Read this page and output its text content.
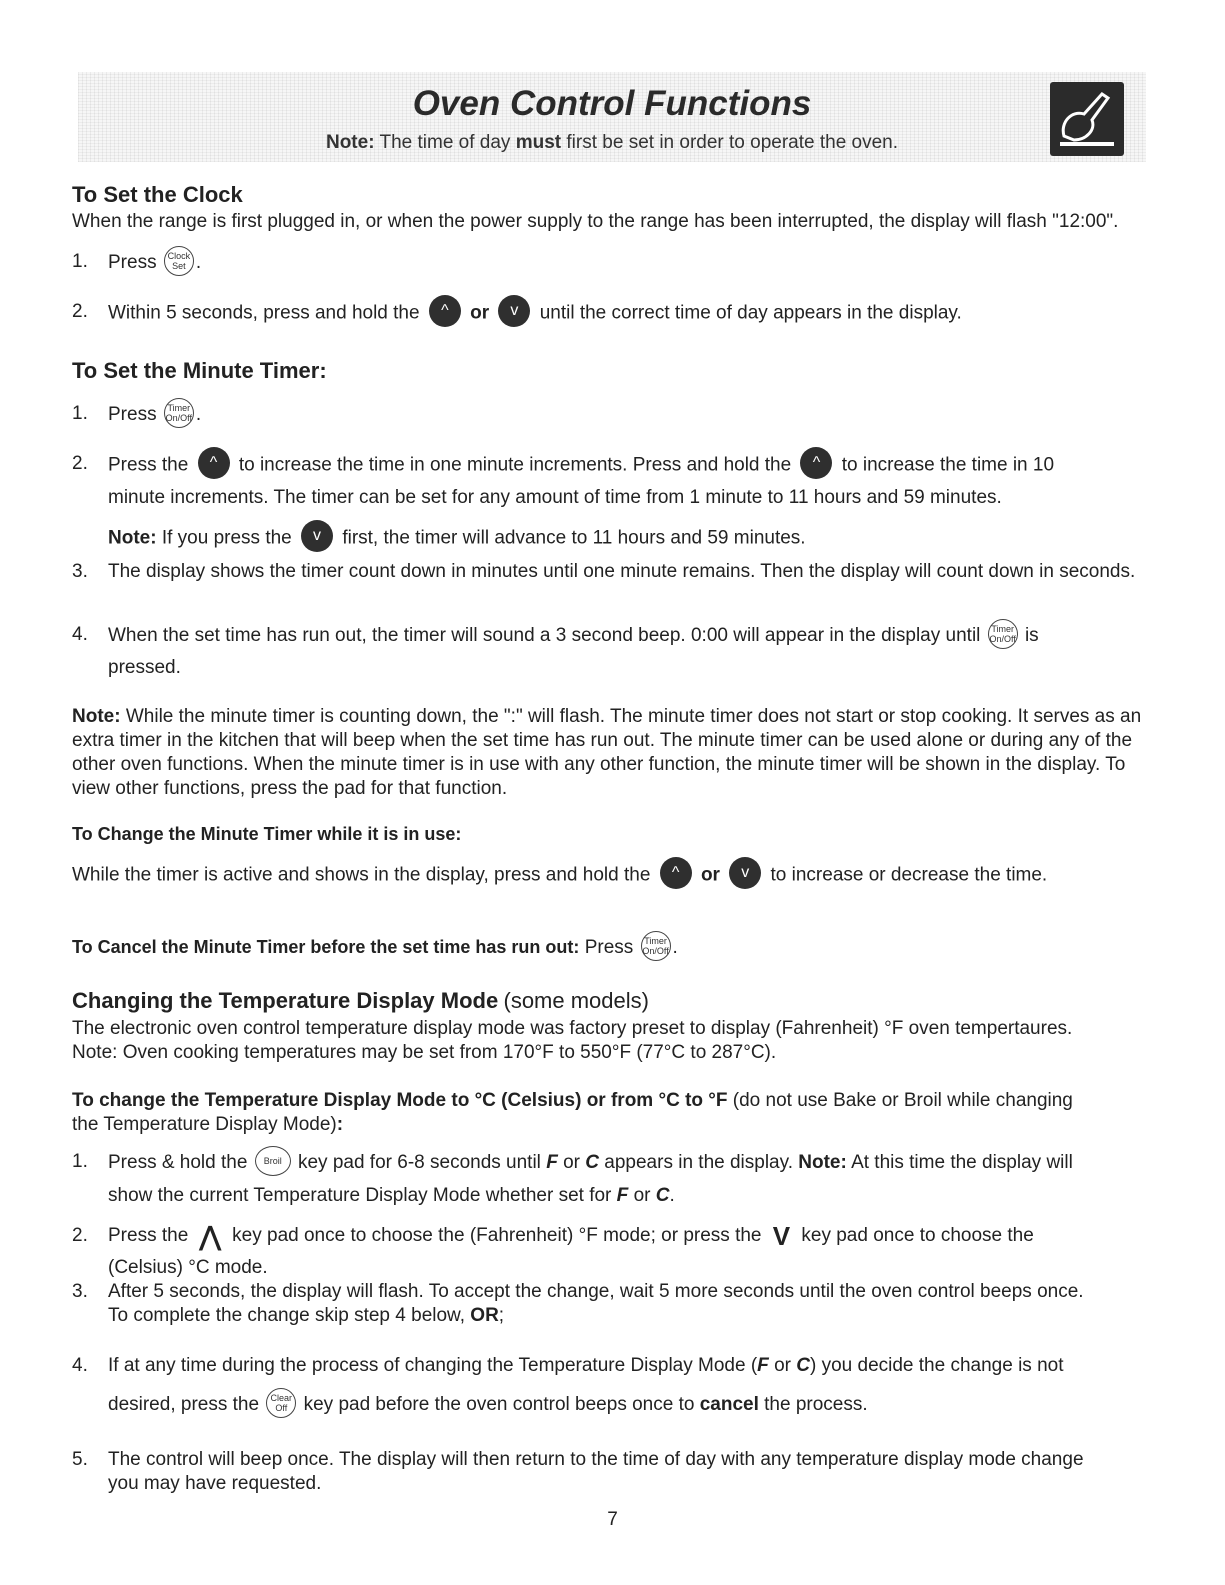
Oven Control Functions
Note: The time of day must first be set in order to operate the oven.
To Set the Clock
When the range is first plugged in, or when the power supply to the range has been interrupted, the display will flash "12:00".
1. Press Clock
Set .
2. Within 5 seconds, press and hold the ^ or v until the correct time of day appears in the display.
To Set the Minute Timer:
1. Press Timer
On/Off .
2. Press the ^ to increase the time in one minute increments. Press and hold the ^ to increase the time in 10
minute increments. The timer can be set for any amount of time from 1 minute to 11 hours and 59 minutes.
Note: If you press the v first, the timer will advance to 11 hours and 59 minutes.
3. The display shows the timer count down in minutes until one minute remains. Then the display will count down in seconds.
4. When the set time has run out, the timer will sound a 3 second beep. 0:00 will appear in the display until Timer
On/Off is
pressed.
Note: While the minute timer is counting down, the ":" will flash. The minute timer does not start or stop cooking. It serves as an extra timer in the kitchen that will beep when the set time has run out. The minute timer can be used alone or during any of the other oven functions. When the minute timer is in use with any other function, the minute timer will be shown in the display. To view other functions, press the pad for that function.
To Change the Minute Timer while it is in use:
While the timer is active and shows in the display, press and hold the ^ or v to increase or decrease the time.
To Cancel the Minute Timer before the set time has run out: Press Timer
On/Off .
Changing the Temperature Display Mode (some models)
The electronic oven control temperature display mode was factory preset to display (Fahrenheit) °F oven tempertaures.
Note: Oven cooking temperatures may be set from 170°F to 550°F (77°C to 287°C).
To change the Temperature Display Mode to °C (Celsius) or from °C to °F (do not use Bake or Broil while changing
the Temperature Display Mode):
1. Press & hold the Broil key pad for 6-8 seconds until F or C appears in the display. Note: At this time the display will
show the current Temperature Display Mode whether set for F or C.
2. Press the ⋀ key pad once to choose the (Fahrenheit) °F mode; or press the V key pad once to choose the
(Celsius) °C mode.
3. After 5 seconds, the display will flash. To accept the change, wait 5 more seconds until the oven control beeps once.
To complete the change skip step 4 below, OR;
4. If at any time during the process of changing the Temperature Display Mode (F or C) you decide the change is not
desired, press the Clear
Off key pad before the oven control beeps once to cancel the process.
5. The control will beep once. The display will then return to the time of day with any temperature display mode change
you may have requested.
7
